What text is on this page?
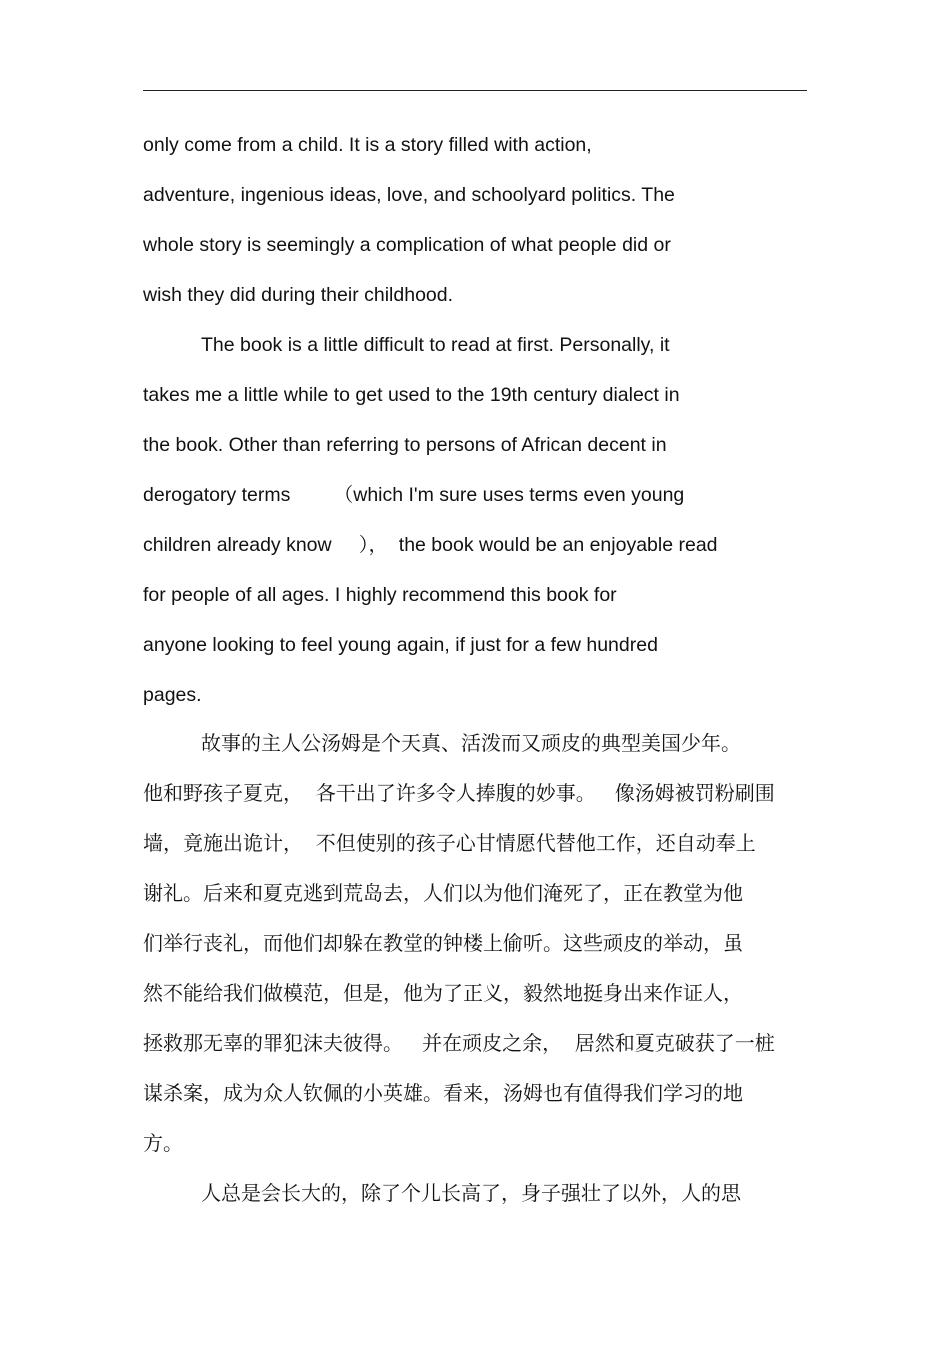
only come from a child. It is a story filled with action,
adventure, ingenious ideas, love, and schoolyard politics. The
whole story is seemingly a complication of what people did or
wish they did during their childhood.
The book is a little difficult to read at first. Personally, it
takes me a little while to get used to the 19th century dialect in
the book. Other than referring to persons of African decent in
derogatory terms        （which I'm sure uses terms even young
children already know     ），  the book would be an enjoyable read
for people of all ages. I highly recommend this book for
anyone looking to feel young again, if just for a few hundred
pages.
故事的主人公汤姆是个天真、活泼而又顽皮的典型美国少年。
他和野孩子夏克，  各干出了许多令人捧腹的妙事。   像汤姆被罚粉刷围
墙，竟施出诡计，  不但使别的孩子心甘情愿代替他工作，还自动奉上
谢礼。后来和夏克逃到荒岛去，人们以为他们淹死了，正在教堂为他
们举行丧礼，而他们却躲在教堂的钟楼上偷听。这些顽皮的举动，虽
然不能给我们做模范，但是，他为了正义，毅然地挺身出来作证人，
拯救那无辜的罪犯沫夫彼得。   并在顽皮之余，  居然和夏克破获了一桩
谋杀案，成为众人钦佩的小英雄。看来，汤姆也有值得我们学习的地
方。
人总是会长大的，除了个儿长高了，身子强壮了以外，人的思
